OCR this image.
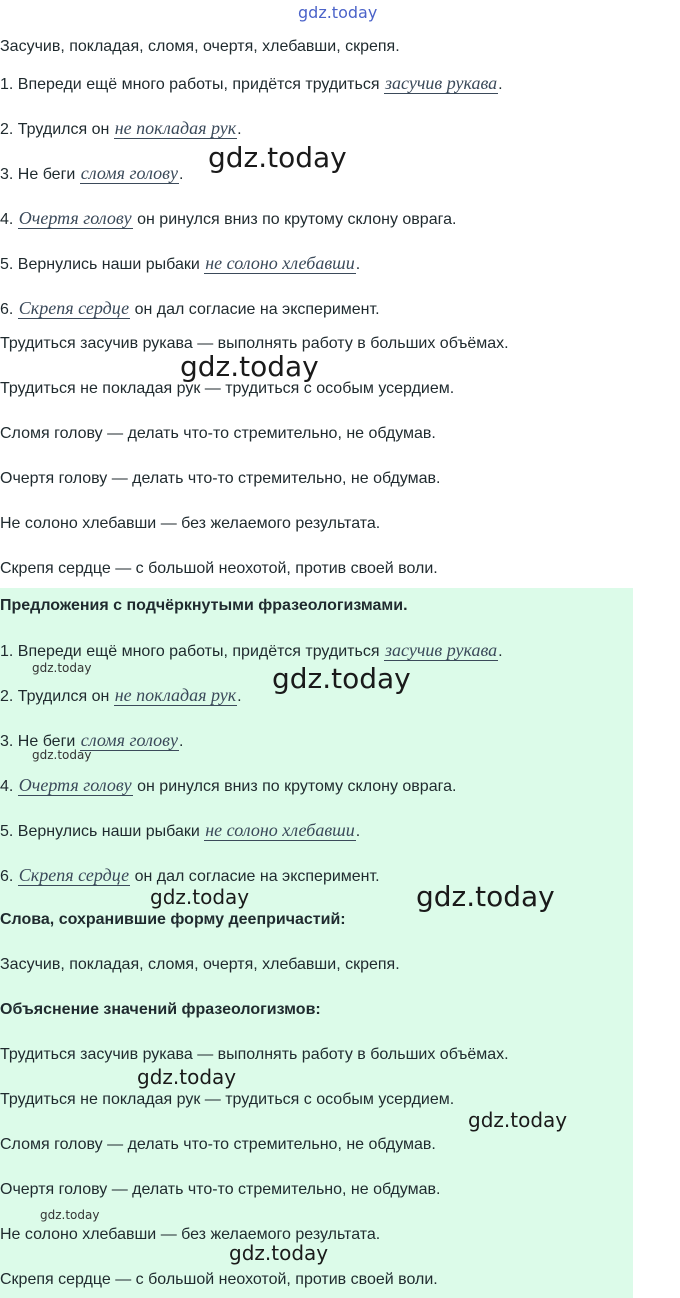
gdz.today
Засучив, покладая, сломя, очертя, хлебавши, скрепя.
1. Впереди ещё много работы, придётся трудиться засучив рукава.
2. Трудился он не покладая рук.
3. Не беги сломя голову.
4. Очертя голову он ринулся вниз по крутому склону оврага.
5. Вернулись наши рыбаки не солоно хлебавши.
6. Скрепя сердце он дал согласие на эксперимент.
Трудиться засучив рукава — выполнять работу в больших объёмах.
Трудиться не покладая рук — трудиться с особым усердием.
Сломя голову — делать что-то стремительно, не обдумав.
Очертя голову — делать что-то стремительно, не обдумав.
Не солоно хлебавши — без желаемого результата.
Скрепя сердце — с большой неохотой, против своей воли.
Предложения с подчёркнутыми фразеологизмами.
1. Впереди ещё много работы, придётся трудиться засучив рукава.
2. Трудился он не покладая рук.
3. Не беги сломя голову.
4. Очертя голову он ринулся вниз по крутому склону оврага.
5. Вернулись наши рыбаки не солоно хлебавши.
6. Скрепя сердце он дал согласие на эксперимент.
Слова, сохранившие форму деепричастий:
Засучив, покладая, сломя, очертя, хлебавши, скрепя.
Объяснение значений фразеологизмов:
Трудиться засучив рукава — выполнять работу в больших объёмах.
Трудиться не покладая рук — трудиться с особым усердием.
Сломя голову — делать что-то стремительно, не обдумав.
Очертя голову — делать что-то стремительно, не обдумав.
Не солоно хлебавши — без желаемого результата.
Скрепя сердце — с большой неохотой, против своей воли.
gdz.today
gdz.today
gdz.today	gdz.today
gdz.today
gdz.today	gdz.today
gdz.today
gdz.today
gdz.today
gdz.today
